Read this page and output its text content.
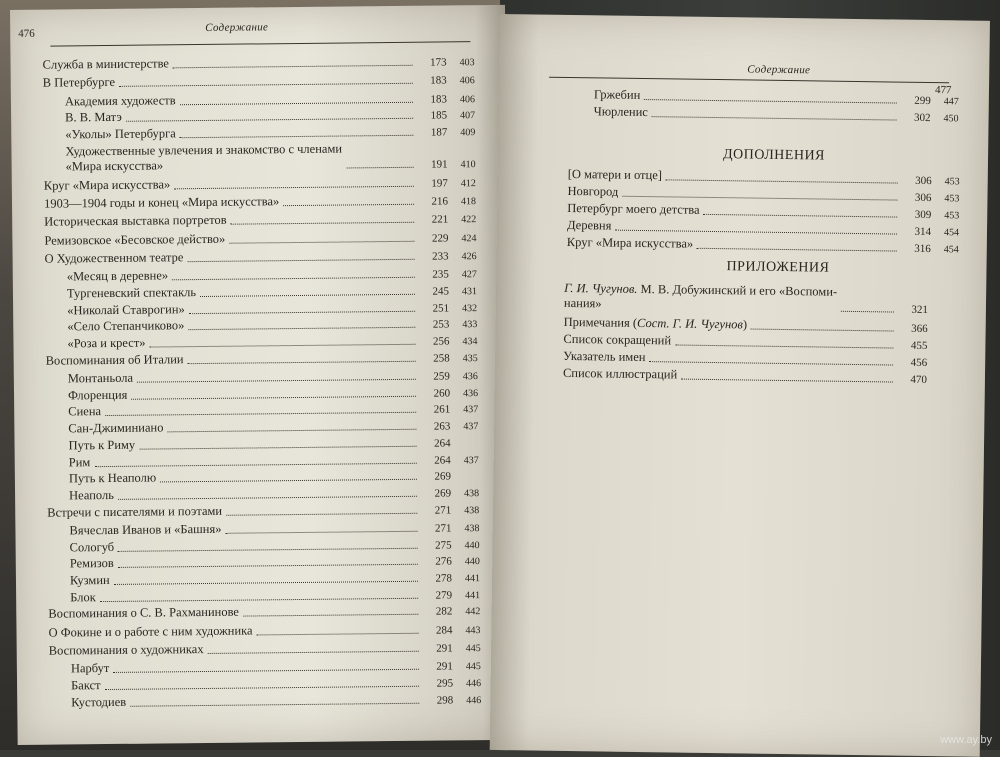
476	Содержание
Служба в министерстве	173	403
В Петербурге	183	406
Академия художеств	183	406
В. В. Матэ	185	407
«Уколы» Петербурга	187	409
Художественные увлечения и знакомство с членами
«Мира искусства»	191	410
Круг «Мира искусства»	197	412
1903—1904 годы и конец «Мира искусства»	216	418
Историческая выставка портретов	221	422
Ремизовское «Бесовское действо»	229	424
О Художественном театре	233	426
«Месяц в деревне»	235	427
Тургеневский спектакль	245	431
«Николай Ставрогин»	251	432
«Село Степанчиково»	253	433
«Роза и крест»	256	434
Воспоминания об Италии	258	435
Монтаньола	259	436
Флоренция	260	436
Сиена	261	437
Сан-Джиминиано	263	437
Путь к Риму	264
Рим	264	437
Путь к Неаполю	269
Неаполь	269	438
Встречи с писателями и поэтами	271	438
Вячеслав Иванов и «Башня»	271	438
Сологуб	275	440
Ремизов	276	440
Кузмин	278	441
Блок	279	441
Воспоминания о С. В. Рахманинове	282	442
О Фокине и о работе с ним художника	284	443
Воспоминания о художниках	291	445
Нарбут	291	445
Бакст	295	446
Кустодиев	298	446
Содержание
477
Гржебин	299	447
Чюрленис	302	450
ДОПОЛНЕНИЯ
[О матери и отце]	306	453
Новгород	306	453
Петербург моего детства	309	453
Деревня	314	454
Круг «Мира искусства»	316	454
ПРИЛОЖЕНИЯ
Г. И. Чугунов. М. В. Добужинский и его «Воспоми-
нания»	321
Примечания (Сост. Г. И. Чугунов)	366
Список сокращений	455
Указатель имен	456
Список иллюстраций	470
www.ay.by
